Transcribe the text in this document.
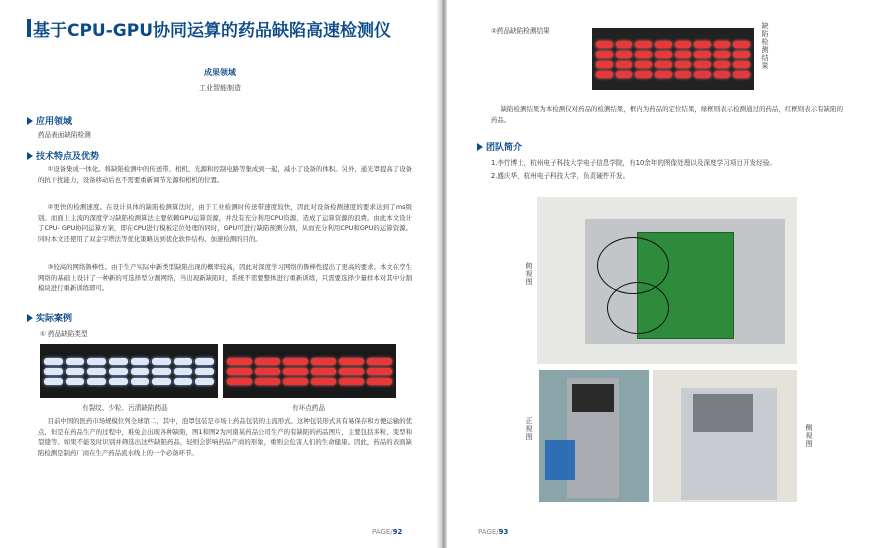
基于CPU-GPU协同运算的药品缺陷高速检测仪
成果领域
工业智能制造
应用领域
药品表面缺陷检测
技术特点及优势
①设备集成一体化。将缺陷检测中的传送带、相机、光源和控制电路等集成到一起，减小了设备的体积。另外，通光罩提高了设备的抗干扰能力，设备移动后也不需要重新调节光源和相机的位置。
②更快的检测速度。在设计具体的缺陷检测算法时，由于工业检测时传送带速度较快，因此对设备检测速度的要求达到了ms级别。而面上主流的深度学习缺陷检测算法主要依赖GPU运算资源，并没有充分利用CPU资源，造成了运算资源的浪费。由此本文设计了CPU- GPU协同运算方案，即在CPU进行模板定位处理的同时，GPU可进行缺陷预测分割，从而充分利用CPU和GPU的运算资源。同时本文还使用了双金字塔法等优化策略达到优化软件结构、加速检测的目的。
③较高的网络鲁棒性。由于生产实际中新类型缺陷出现的概率较高，因此对深度学习网络的鲁棒性提出了更高的要求。本文在孪生网络的基础上设计了一种新的可选择型分割网络，当出现新缺陷时，系统不需要整体进行重新训练，只需要选择少量样本对其中分割模块进行重新训练即可。
实际案例
① 药品缺陷类型
有裂纹、少粒、污渍缺陷药品	有坏点药品
目前中国的医药市场规模位列全球第二，其中，泡罩包装是市场上药品包装的主流形式。这种包装形式具有易保存和方便运输的优点，但是在药品生产的过程中，难免会出现各种缺陷，图1和图2为河南某药品公司生产的有缺陷的药品图片，主要包括多粒、变型和裂缝等。如果不能及时识别并筛选出这些缺陷药品，轻则会影响药品产商的形象，重则会危害人们的生命健康。因此，药品的表面缺陷检测是制药厂商在生产药品流水线上的一个必备环节。
PAGE/92
②药品缺陷检测结果
缺陷检测结果
缺陷检测结果为本检测仪对药品的检测结果，框内为药品的定位结果，绿框则表示检测通过的药品，红框则表示有缺陷的药品。
团队简介
1.李竹博士，杭州电子科技大学电子信息学院，有10余年的图像处理以及深度学习项目开发经验。
2.盛庆华，杭州电子科技大学，负责硬件开发。
俯视图
正视图
侧视图
PAGE/93
